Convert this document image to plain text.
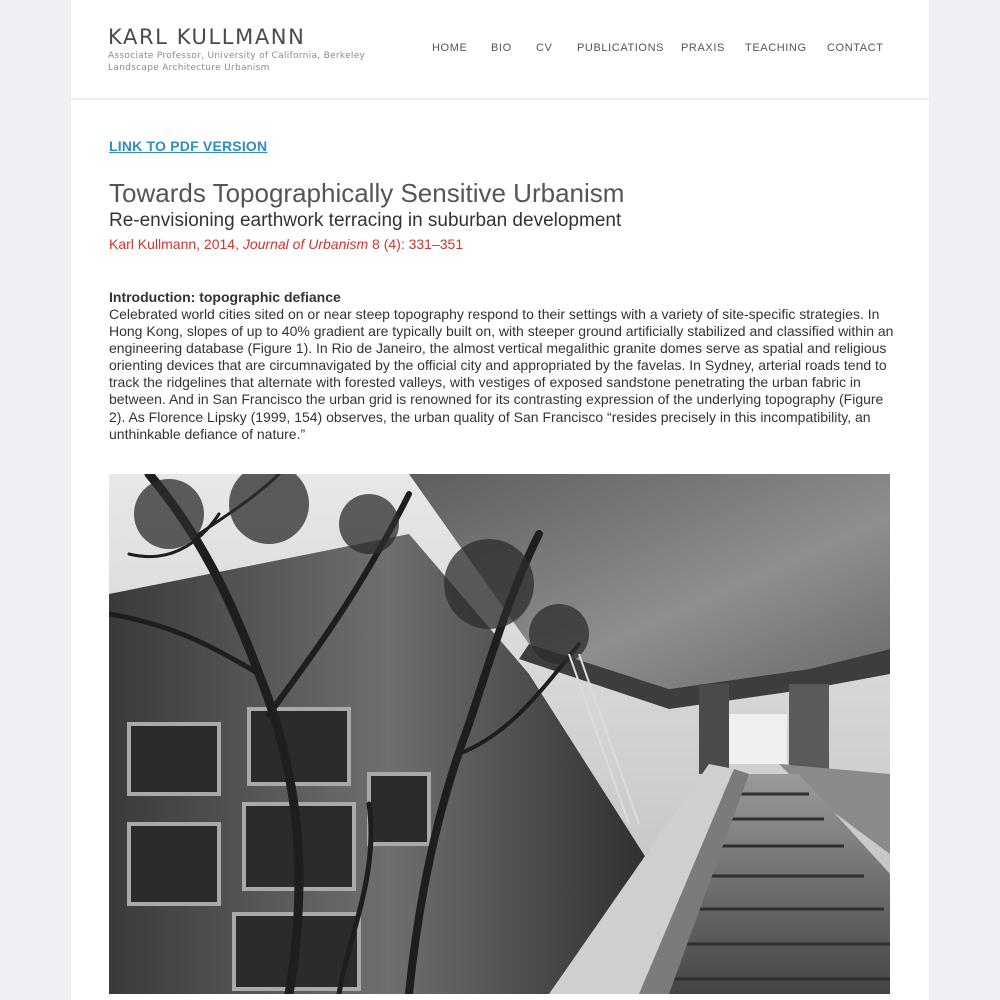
KARL KULLMANN
Associate Professor, University of California, Berkeley
Landscape Architecture Urbanism
HOME BIO CV PUBLICATIONS PRAXIS TEACHING CONTACT
LINK TO PDF VERSION
Towards Topographically Sensitive Urbanism
Re-envisioning earthwork terracing in suburban development
Karl Kullmann, 2014, Journal of Urbanism 8 (4): 331–351
Introduction: topographic defiance

Celebrated world cities sited on or near steep topography respond to their settings with a variety of site-specific strategies. In Hong Kong, slopes of up to 40% gradient are typically built on, with steeper ground artificially stabilized and classified within an engineering database (Figure 1). In Rio de Janeiro, the almost vertical megalithic granite domes serve as spatial and religious orienting devices that are circumnavigated by the official city and appropriated by the favelas. In Sydney, arterial roads tend to track the ridgelines that alternate with forested valleys, with vestiges of exposed sandstone penetrating the urban fabric in between. And in San Francisco the urban grid is renowned for its contrasting expression of the underlying topography (Figure 2). As Florence Lipsky (1999, 154) observes, the urban quality of San Francisco “resides precisely in this incompatibility, an unthinkable defiance of nature.”
